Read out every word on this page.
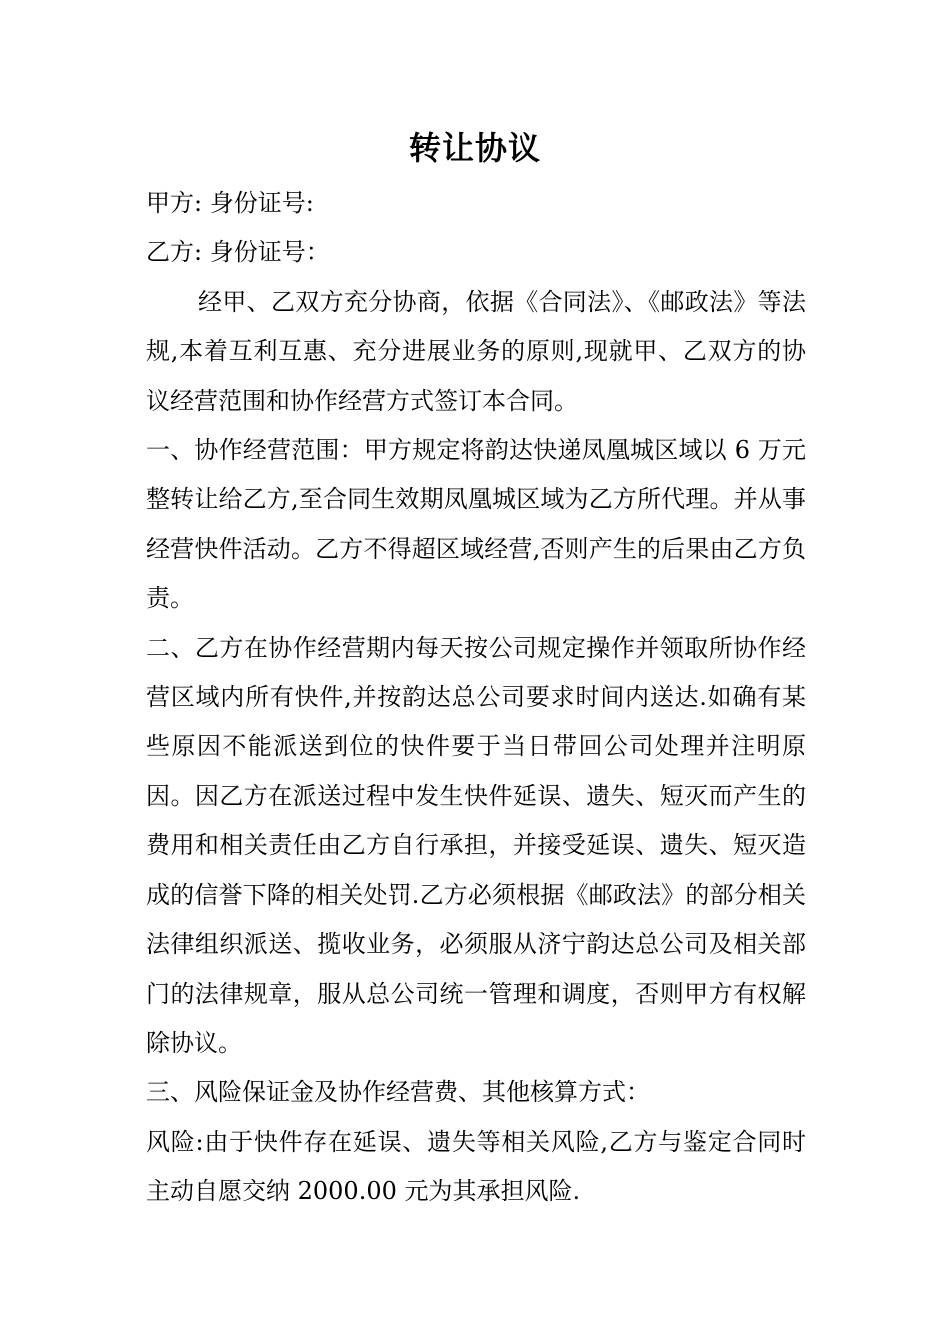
转让协议

甲方: 身份证号:

乙方: 身份证号：

经甲、乙双方充分协商，依据《合同法》、《邮政法》等法规,本着互利互惠、充分进展业务的原则,现就甲、乙双方的协议经营范围和协作经营方式签订本合同。

一、协作经营范围：甲方规定将韵达快递凤凰城区域以 6 万元整转让给乙方,至合同生效期凤凰城区域为乙方所代理。并从事经营快件活动。乙方不得超区域经营,否则产生的后果由乙方负责。

二、乙方在协作经营期内每天按公司规定操作并领取所协作经营区域内所有快件,并按韵达总公司要求时间内送达.如确有某些原因不能派送到位的快件要于当日带回公司处理并注明原因。因乙方在派送过程中发生快件延误、遗失、短灭而产生的费用和相关责任由乙方自行承担，并接受延误、遗失、短灭造成的信誉下降的相关处罚.乙方必须根据《邮政法》的部分相关法律组织派送、揽收业务，必须服从济宁韵达总公司及相关部门的法律规章，服从总公司统一管理和调度，否则甲方有权解除协议。

三、风险保证金及协作经营费、其他核算方式：

风险:由于快件存在延误、遗失等相关风险,乙方与鉴定合同时主动自愿交纳 2000.00 元为其承担风险.
